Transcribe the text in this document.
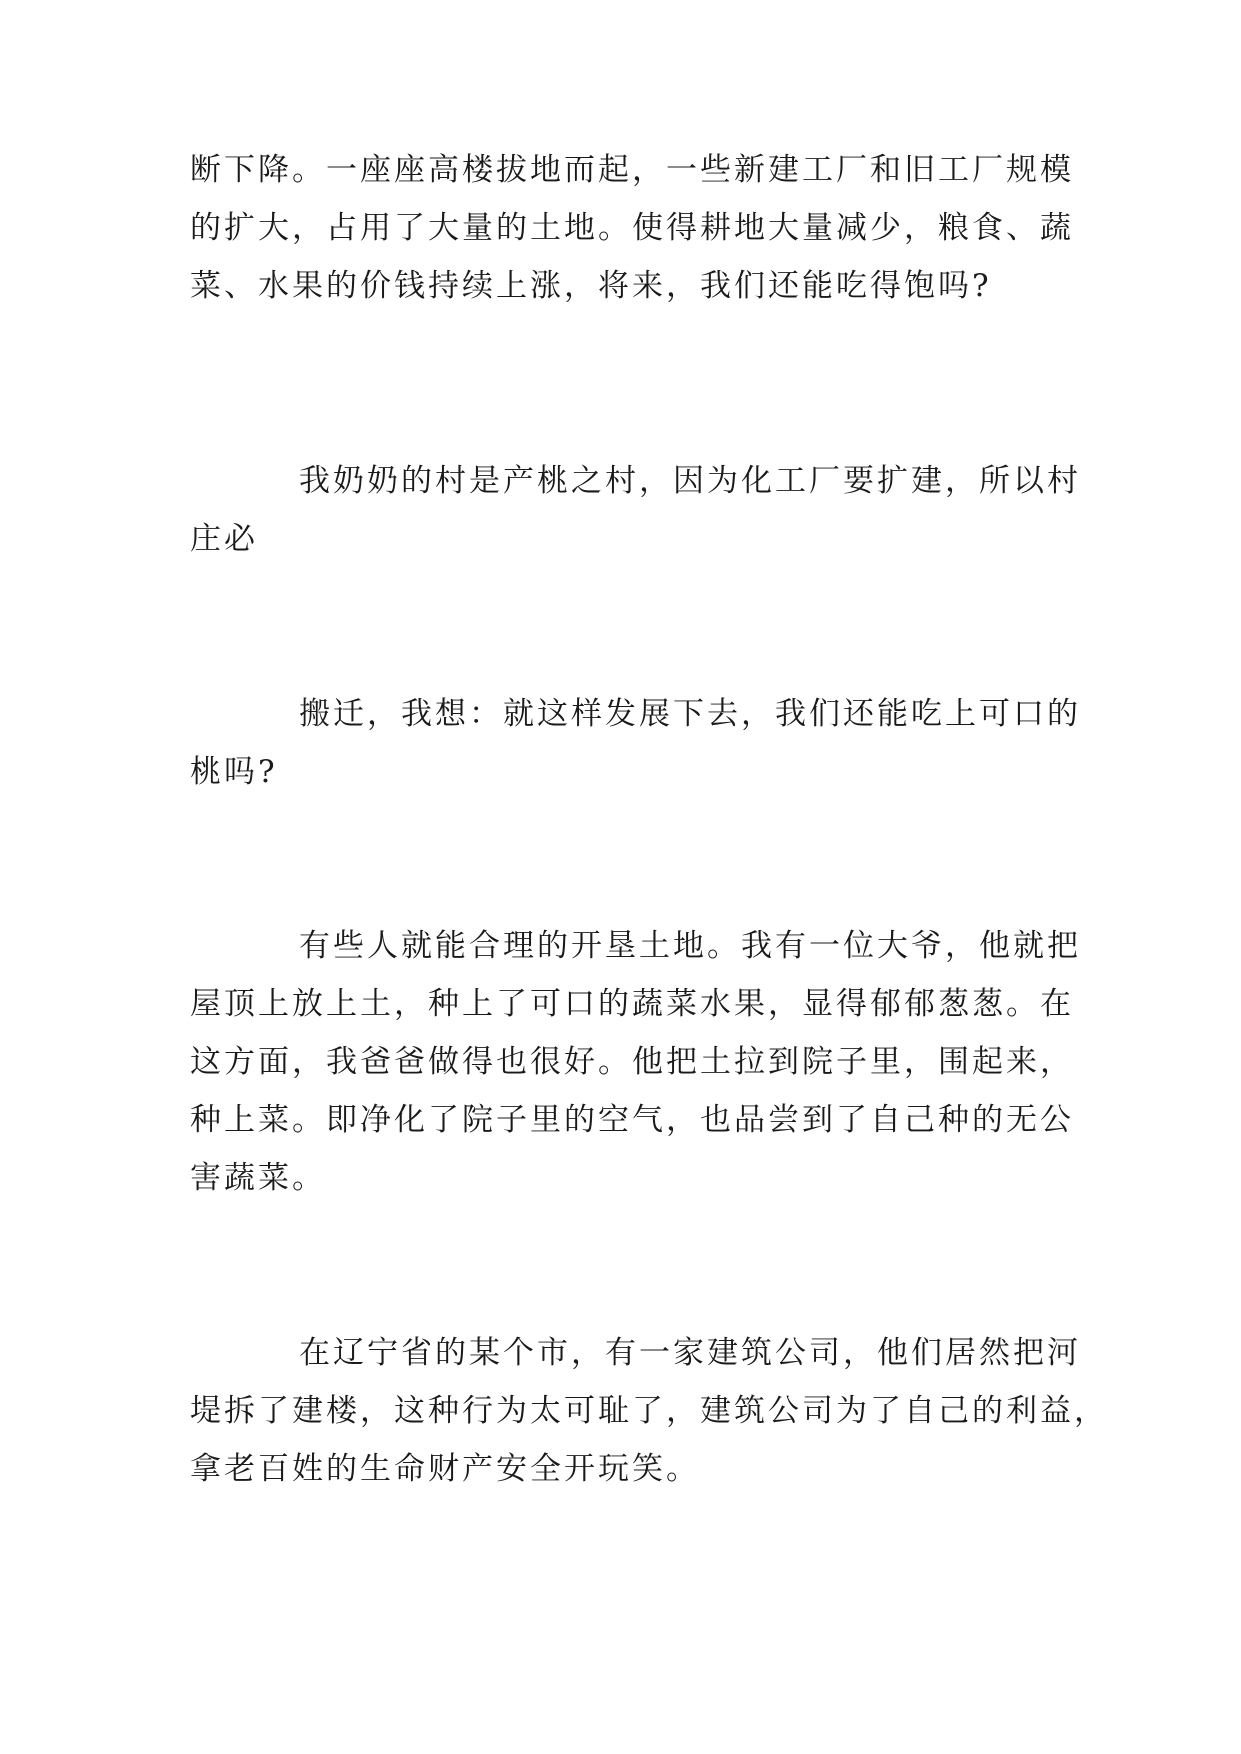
断下降。一座座高楼拔地而起，一些新建工厂和旧工厂规模
的扩大，占用了大量的土地。使得耕地大量减少，粮食、蔬
菜、水果的价钱持续上涨，将来，我们还能吃得饱吗?
我奶奶的村是产桃之村，因为化工厂要扩建，所以村
庄必
搬迁，我想：就这样发展下去，我们还能吃上可口的
桃吗?
有些人就能合理的开垦土地。我有一位大爷，他就把
屋顶上放上土，种上了可口的蔬菜水果，显得郁郁葱葱。在
这方面，我爸爸做得也很好。他把土拉到院子里，围起来，
种上菜。即净化了院子里的空气，也品尝到了自己种的无公
害蔬菜。
在辽宁省的某个市，有一家建筑公司，他们居然把河
堤拆了建楼，这种行为太可耻了，建筑公司为了自己的利益，
拿老百姓的生命财产安全开玩笑。
